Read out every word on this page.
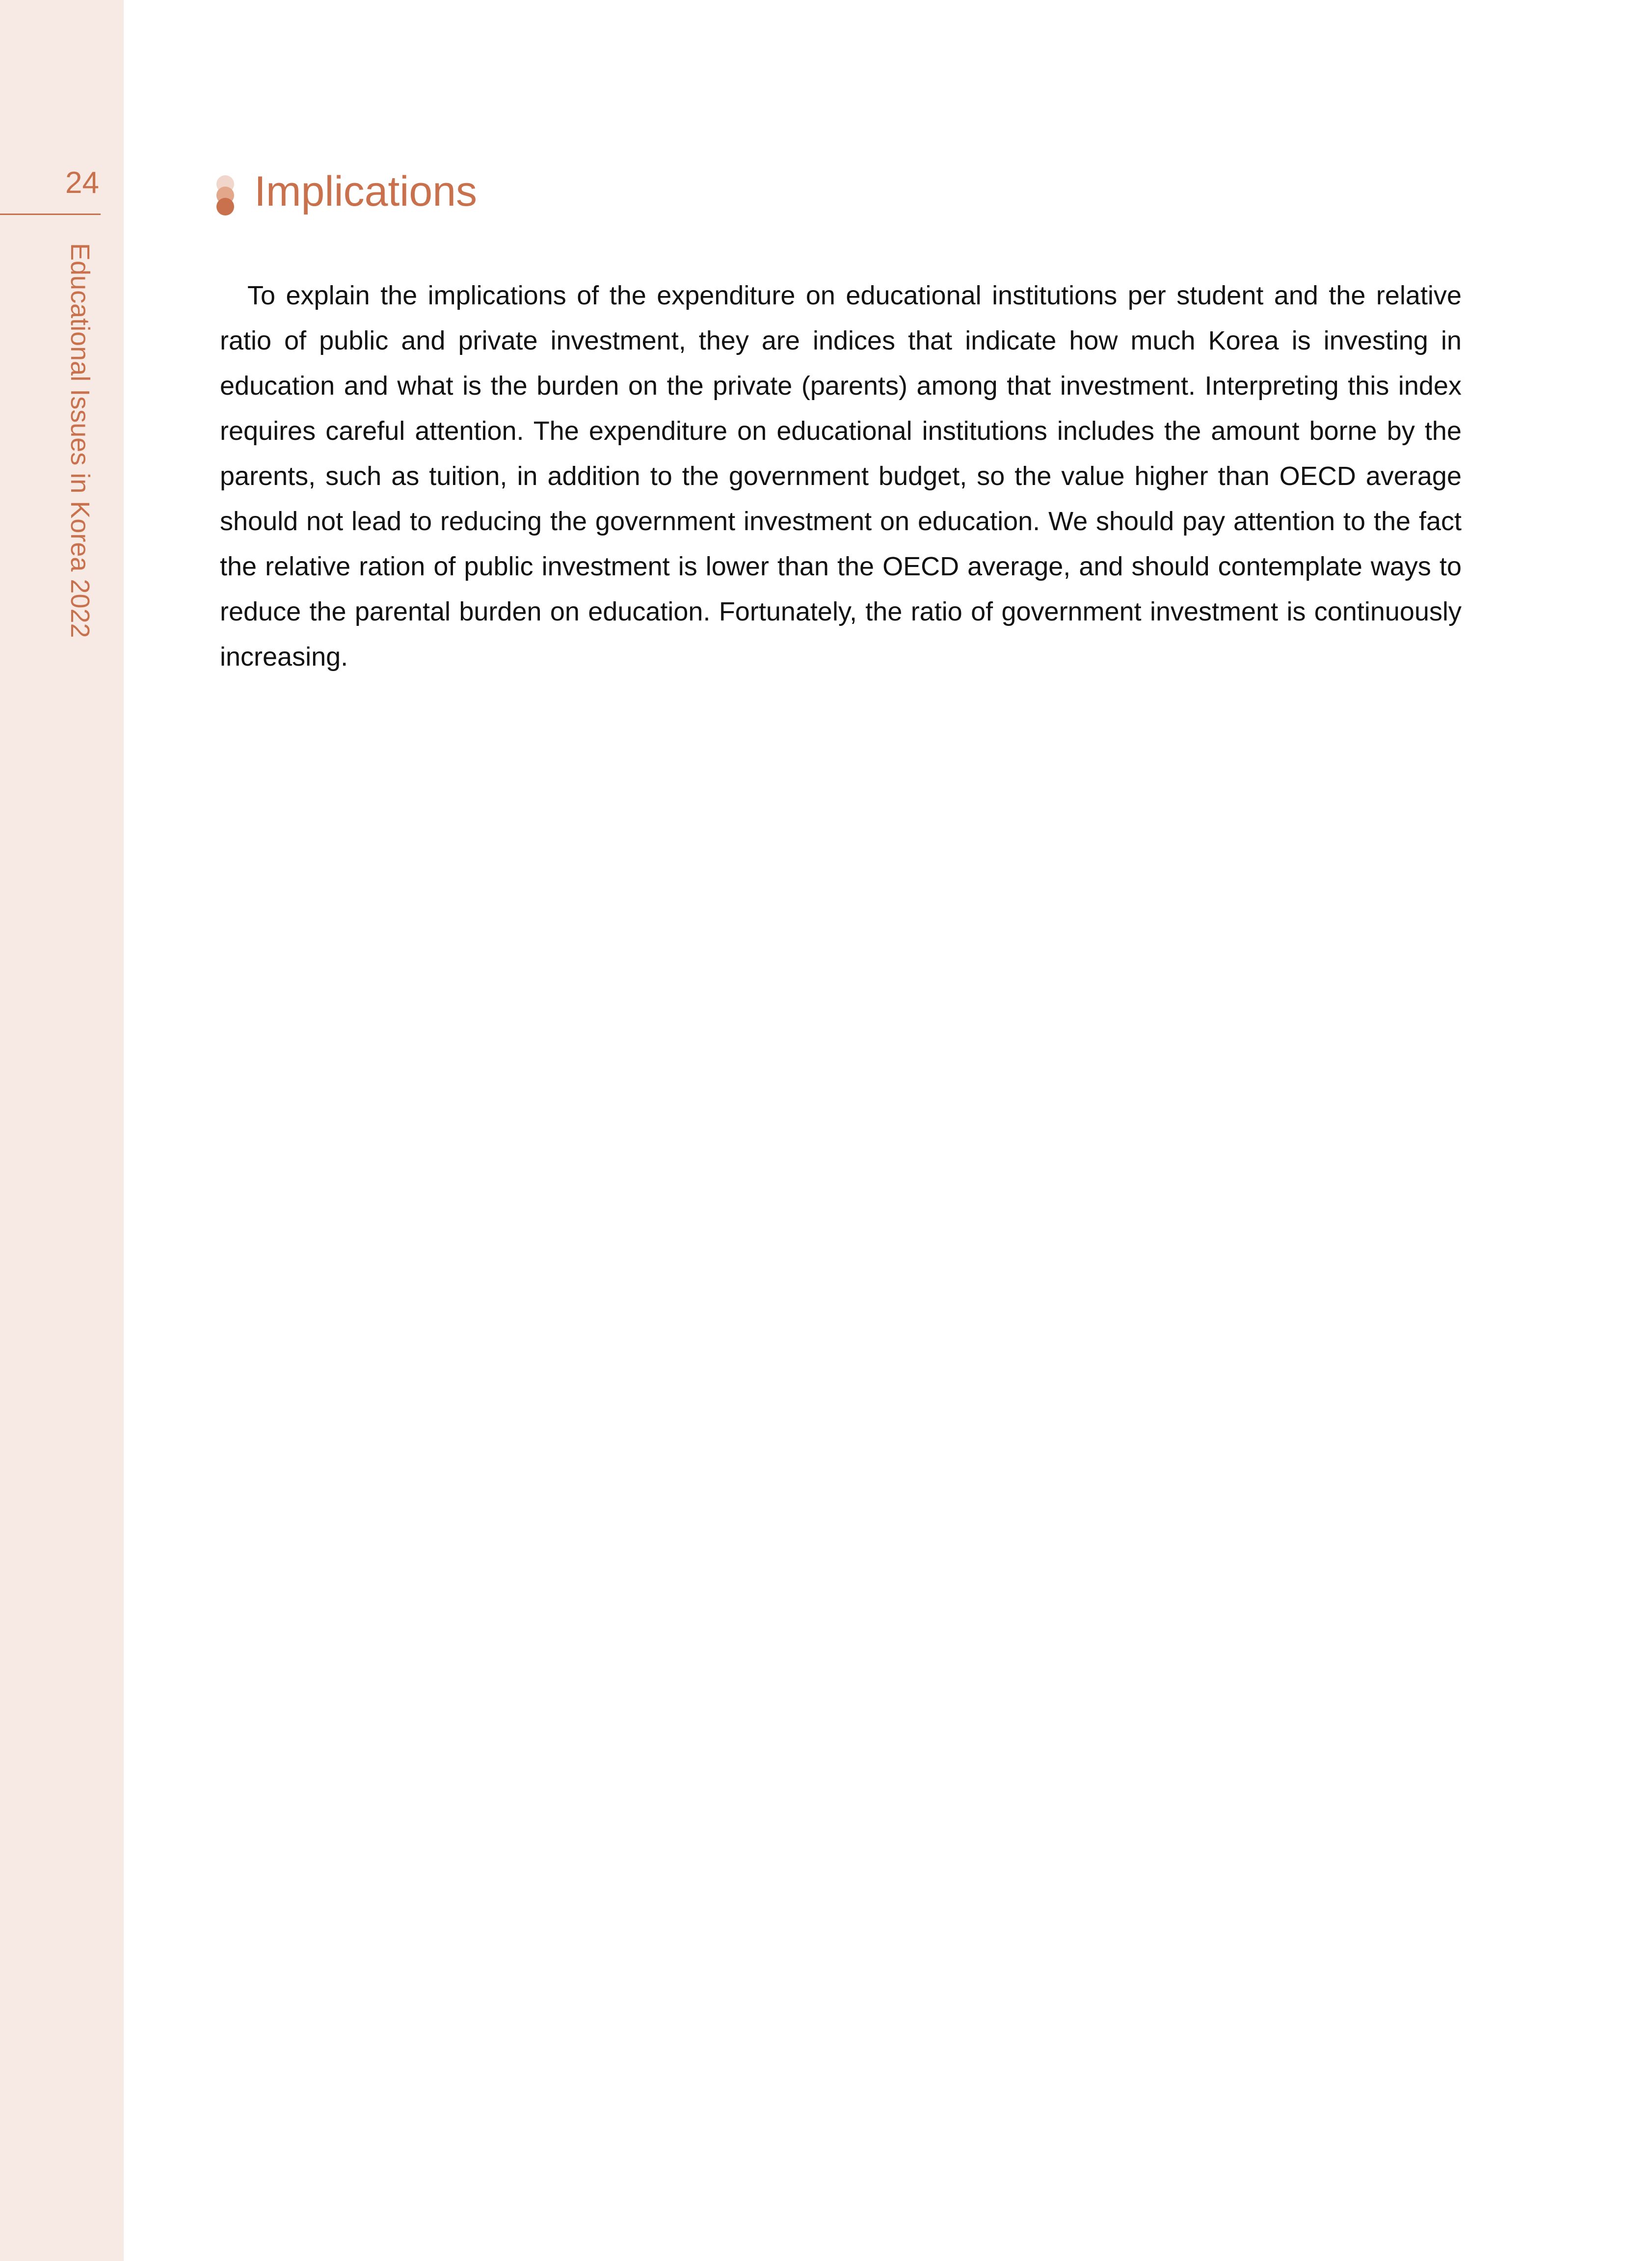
24
Educational Issues in Korea 2022
Implications

To explain the implications of the expenditure on educational institutions per student and the relative ratio of public and private investment, they are indices that indicate how much Korea is investing in education and what is the burden on the private (parents) among that investment. Interpreting this index requires careful attention. The expenditure on educational institutions includes the amount borne by the parents, such as tuition, in addition to the government budget, so the value higher than OECD average should not lead to reducing the government investment on education. We should pay attention to the fact the relative ration of public investment is lower than the OECD average, and should contemplate ways to reduce the parental burden on education. Fortunately, the ratio of government investment is continuously increasing.
